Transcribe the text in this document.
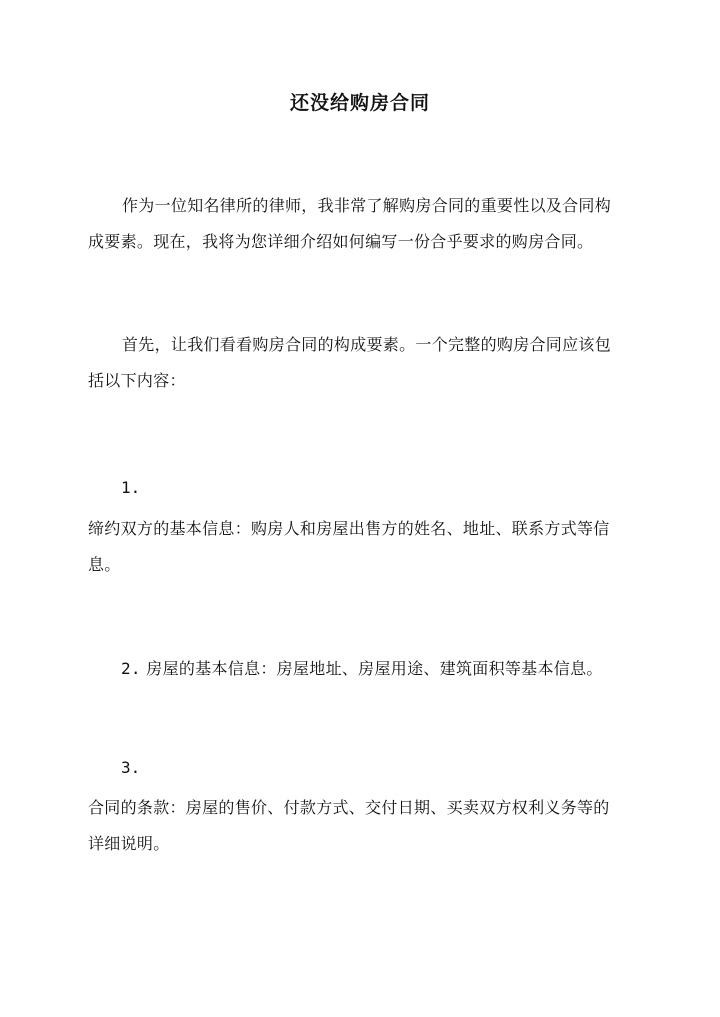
还没给购房合同
作为一位知名律所的律师，我非常了解购房合同的重要性以及合同构
成要素。现在，我将为您详细介绍如何编写一份合乎要求的购房合同。
首先，让我们看看购房合同的构成要素。一个完整的购房合同应该包
括以下内容：
1.
缔约双方的基本信息：购房人和房屋出售方的姓名、地址、联系方式等信
息。
2. 房屋的基本信息：房屋地址、房屋用途、建筑面积等基本信息。
3.
合同的条款：房屋的售价、付款方式、交付日期、买卖双方权利义务等的
详细说明。
